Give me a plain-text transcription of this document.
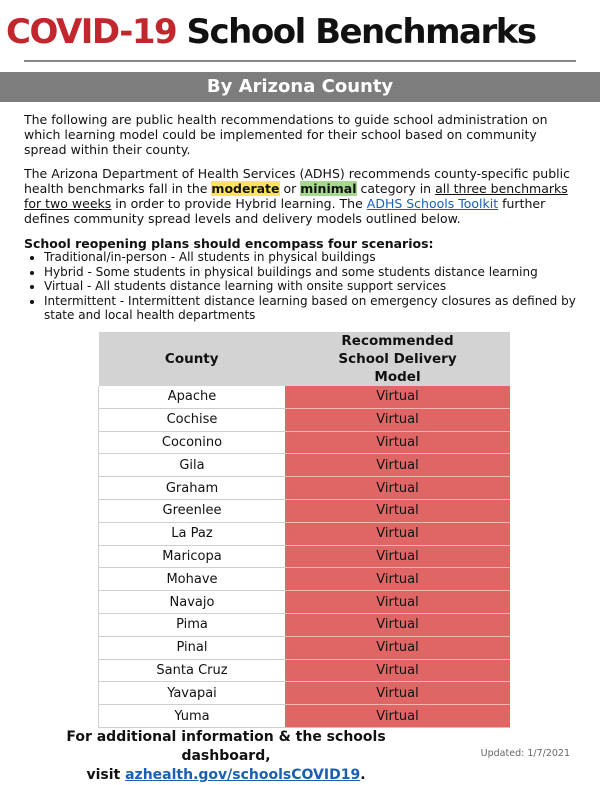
COVID-19 School Benchmarks
By Arizona County
The following are public health recommendations to guide school administration on which learning model could be implemented for their school based on community spread within their county.
The Arizona Department of Health Services (ADHS) recommends county-specific public health benchmarks fall in the moderate or minimal category in all three benchmarks for two weeks in order to provide Hybrid learning. The ADHS Schools Toolkit further defines community spread levels and delivery models outlined below.
School reopening plans should encompass four scenarios:
• Traditional/in-person - All students in physical buildings
• Hybrid - Some students in physical buildings and some students distance learning
• Virtual - All students distance learning with onsite support services
• Intermittent - Intermittent distance learning based on emergency closures as defined by state and local health departments
County	Recommended School Delivery Model
Apache	Virtual
Cochise	Virtual
Coconino	Virtual
Gila	Virtual
Graham	Virtual
Greenlee	Virtual
La Paz	Virtual
Maricopa	Virtual
Mohave	Virtual
Navajo	Virtual
Pima	Virtual
Pinal	Virtual
Santa Cruz	Virtual
Yavapai	Virtual
Yuma	Virtual
For additional information & the schools dashboard,
visit azhealth.gov/schoolsCOVID19.
Updated: 1/7/2021
